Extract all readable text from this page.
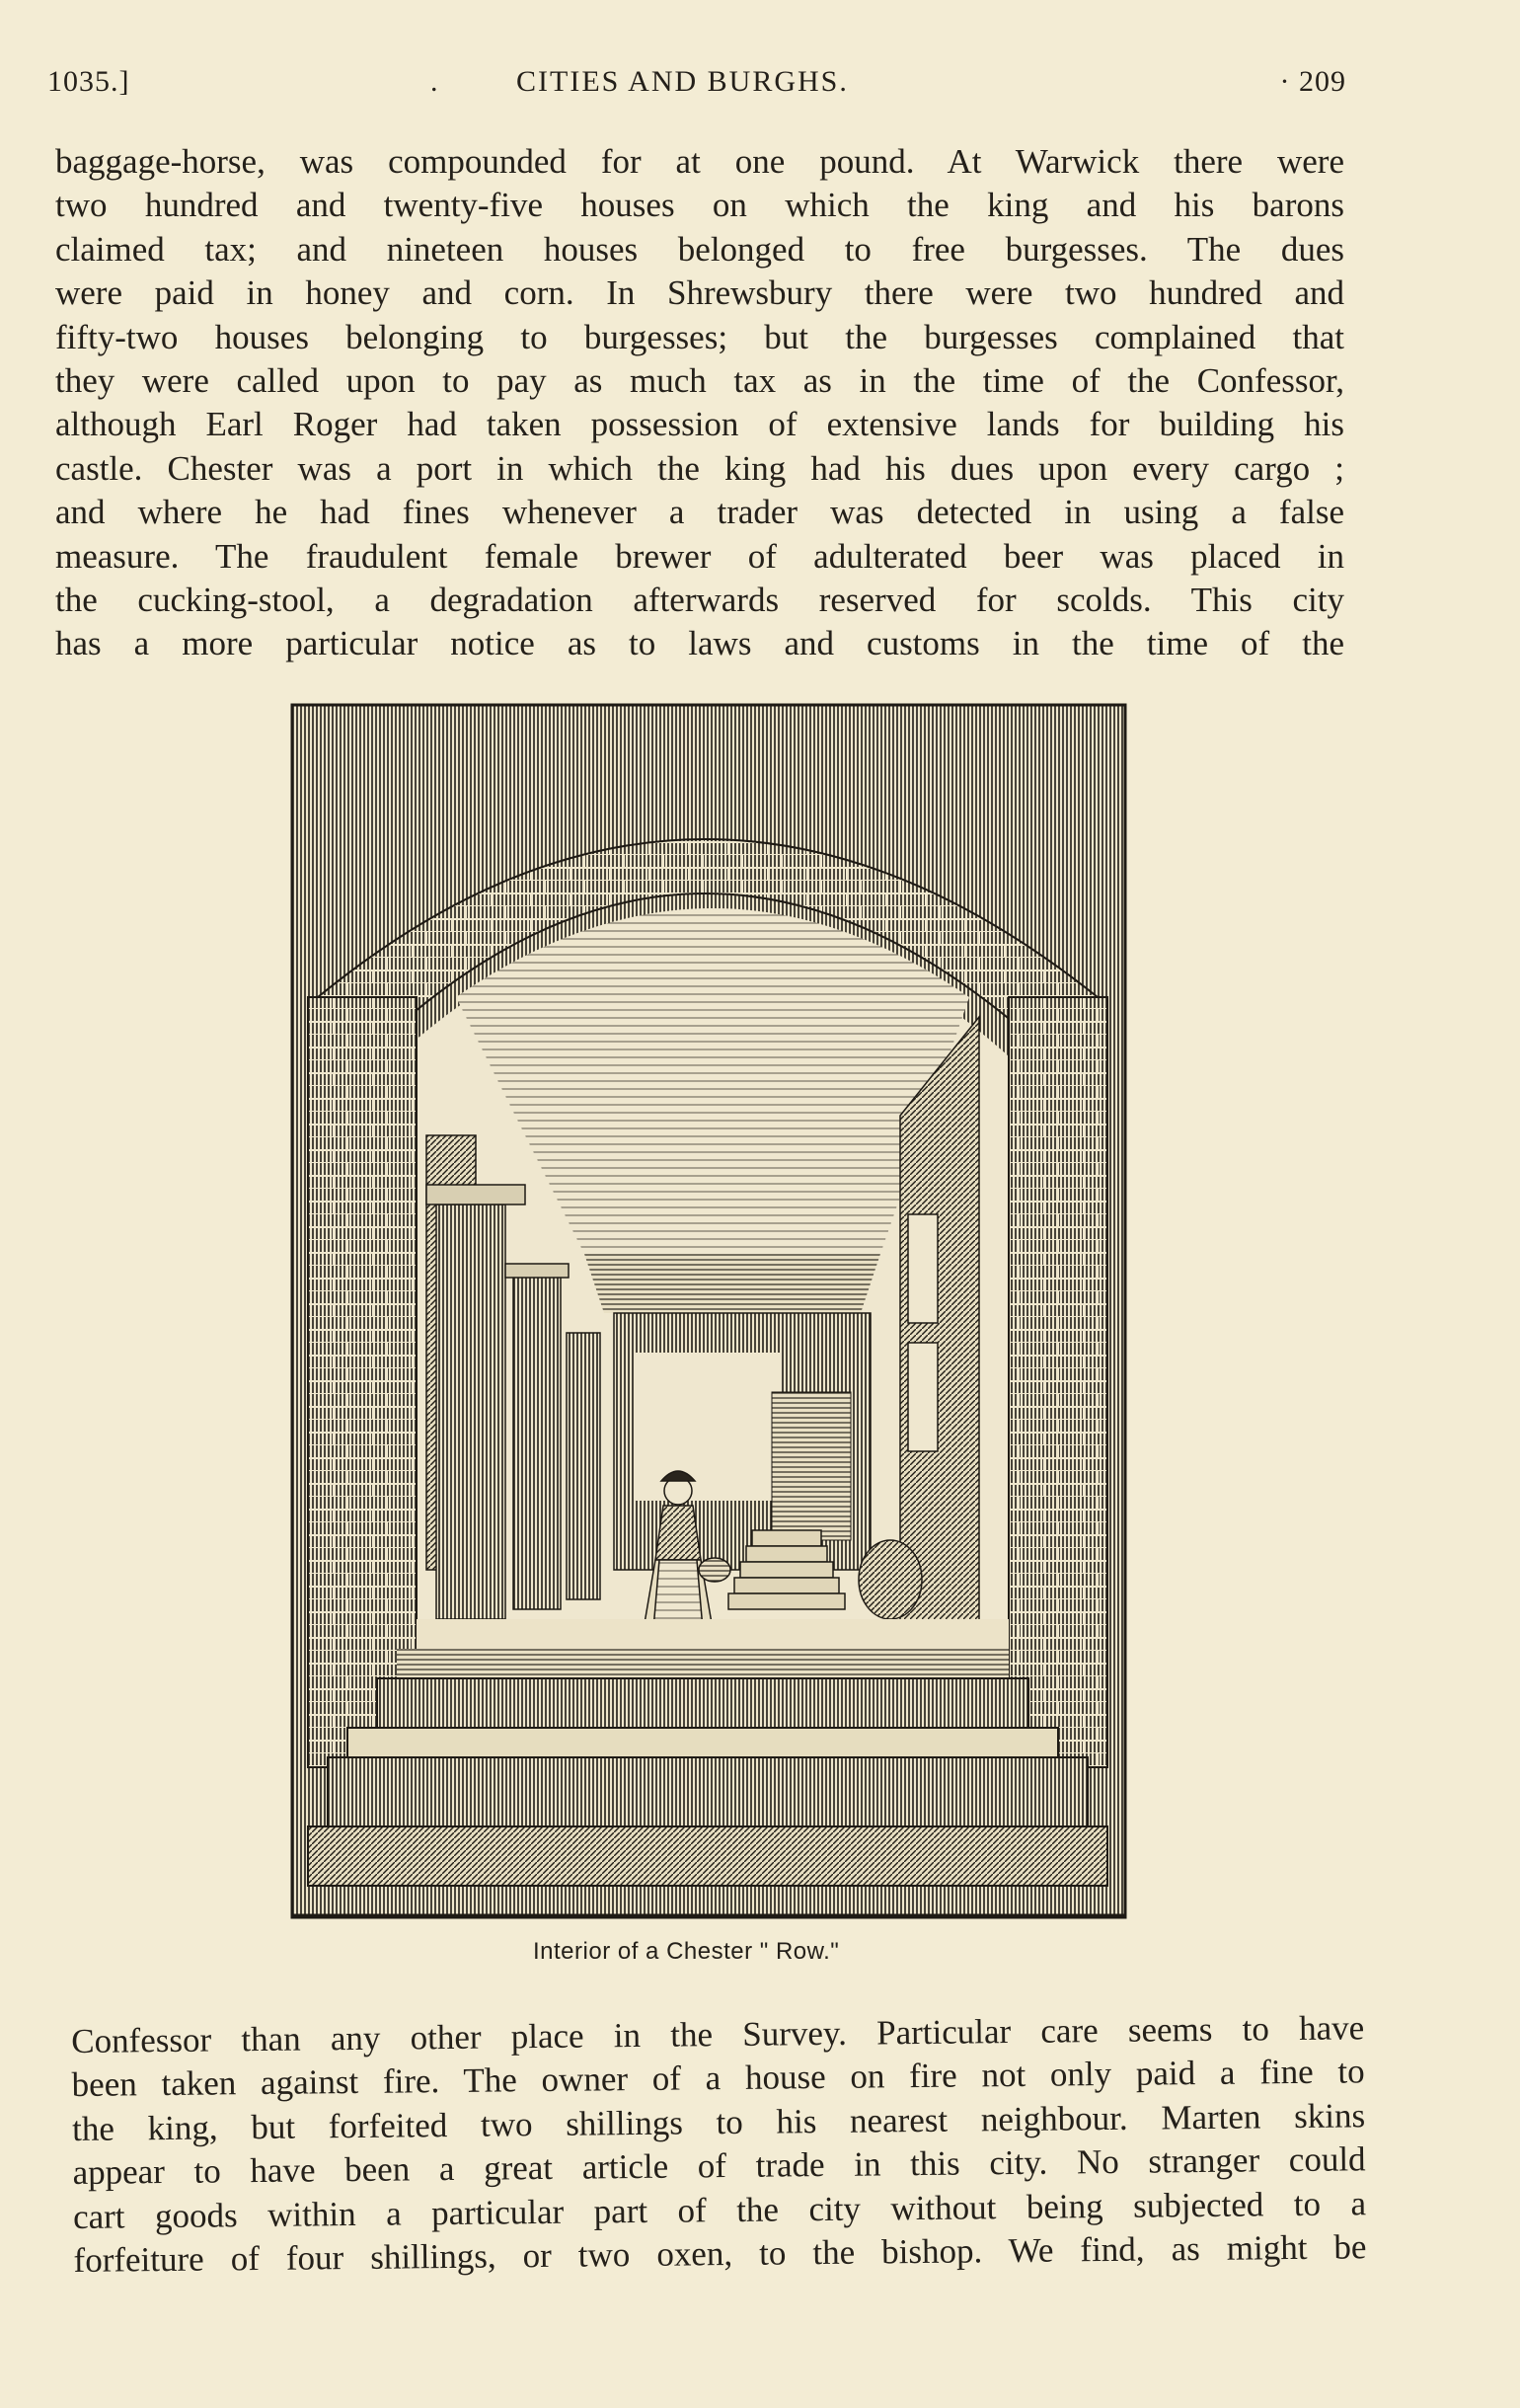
1035.]	.	CITIES AND BURGHS.	· 209
baggage-horse, was compounded for at one pound. At Warwick there were
two hundred and twenty-five houses on which the king and his barons
claimed tax; and nineteen houses belonged to free burgesses. The dues
were paid in honey and corn. In Shrewsbury there were two hundred and
fifty-two houses belonging to burgesses; but the burgesses complained that
they were called upon to pay as much tax as in the time of the Confessor,
although Earl Roger had taken possession of extensive lands for building his
castle. Chester was a port in which the king had his dues upon every cargo ;
and where he had fines whenever a trader was detected in using a false
measure. The fraudulent female brewer of adulterated beer was placed in
the cucking-stool, a degradation afterwards reserved for scolds. This city
has a more particular notice as to laws and customs in the time of the
Interior of a Chester " Row."
Confessor than any other place in the Survey. Particular care seems to have
been taken against fire. The owner of a house on fire not only paid a fine to
the king, but forfeited two shillings to his nearest neighbour. Marten skins
appear to have been a great article of trade in this city. No stranger could
cart goods within a particular part of the city without being subjected to a
forfeiture of four shillings, or two oxen, to the bishop. We find, as might be
